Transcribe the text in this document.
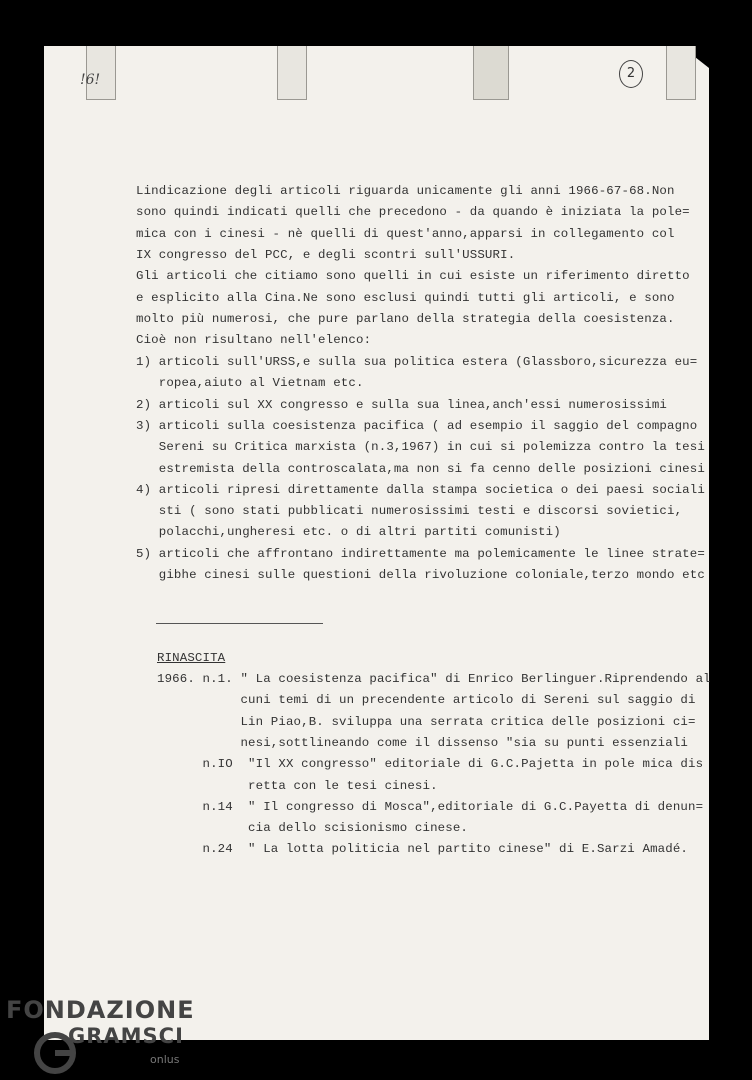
!6!	2
Lindicazione degli articoli riguarda unicamente gli anni 1966-67-68.Non
sono quindi indicati quelli che precedono - da quando è iniziata la pole=
mica con i cinesi - nè quelli di quest'anno,apparsi in collegamento col
IX congresso del PCC, e degli scontri sull'USSURI.
Gli articoli che citiamo sono quelli in cui esiste un riferimento diretto
e esplicito alla Cina.Ne sono esclusi quindi tutti gli articoli, e sono
molto più numerosi, che pure parlano della strategia della coesistenza.
Cioè non risultano nell'elenco:
1) articoli sull'URSS,e sulla sua politica estera (Glassboro,sicurezza eu=
ropea,aiuto al Vietnam etc.
2) articoli sul XX congresso e sulla sua linea,anch'essi numerosissimi
3) articoli sulla coesistenza pacifica ( ad esempio il saggio del compagno
Sereni su Critica marxista (n.3,1967) in cui si polemizza contro la tesi
estremista della controscalata,ma non si fa cenno delle posizioni cinesi
4) articoli ripresi direttamente dalla stampa societica o dei paesi sociali
sti ( sono stati pubblicati numerosissimi testi e discorsi sovietici,
polacchi,ungheresi etc. o di altri partiti comunisti)
5) articoli che affrontano indirettamente ma polemicamente le linee strate=
gibhe cinesi sulle questioni della rivoluzione coloniale,terzo mondo etc
RINASCITA
1966. n.1. " La coesistenza pacifica" di Enrico Berlinguer.Riprendendo al
cuni temi di un precendente articolo di Sereni sul saggio di
Lin Piao,B. sviluppa una serrata critica delle posizioni ci=
nesi,sottlineando come il dissenso "sia su punti essenziali
n.IO  "Il XX congresso" editoriale di G.C.Pajetta in pole mica dis
retta con le tesi cinesi.
n.14  " Il congresso di Mosca",editoriale di G.C.Payetta di denun=
cia dello scisionismo cinese.
n.24  " La lotta politicia nel partito cinese" di E.Sarzi Amadé.
FONDAZIONE
GRAMSCI
onlus
